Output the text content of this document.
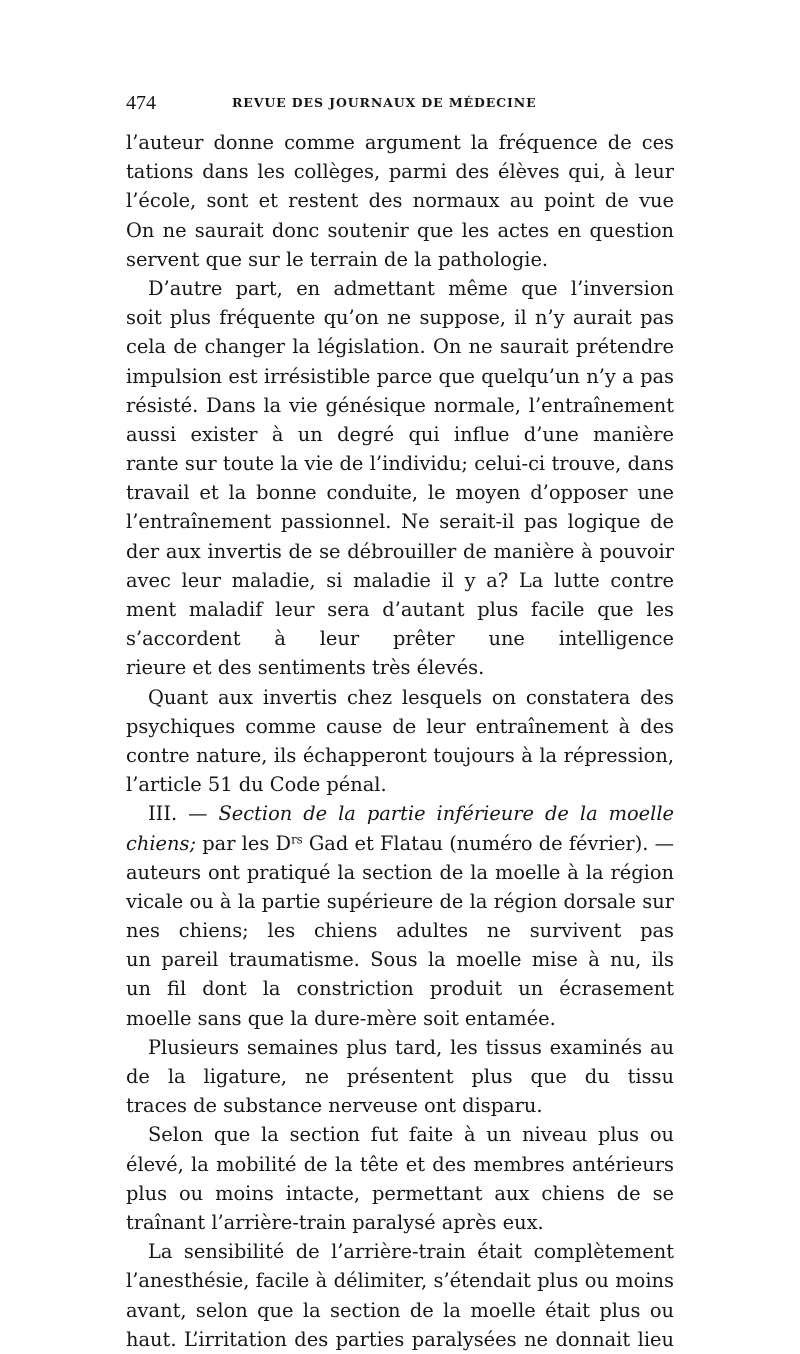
474	REVUE DES JOURNAUX DE MÉDECINE
l’auteur donne comme argument la fréquence de ces
tations dans les collèges, parmi des élèves qui, à leur
l’école, sont et restent des normaux au point de vue
On ne saurait donc soutenir que les actes en question
servent que sur le terrain de la pathologie.
D’autre part, en admettant même que l’inversion
soit plus fréquente qu’on ne suppose, il n’y aurait pas
cela de changer la législation. On ne saurait prétendre
impulsion est irrésistible parce que quelqu’un n’y a pas
résisté. Dans la vie génésique normale, l’entraînement
aussi exister à un degré qui influe d’une manière
rante sur toute la vie de l’individu; celui-ci trouve, dans
travail et la bonne conduite, le moyen d’opposer une
l’entraînement passionnel. Ne serait-il pas logique de
der aux invertis de se débrouiller de manière à pouvoir
avec leur maladie, si maladie il y a? La lutte contre
ment maladif leur sera d’autant plus facile que les
s’accordent à leur prêter une intelligence
rieure et des sentiments très élevés.
Quant aux invertis chez lesquels on constatera des
psychiques comme cause de leur entraînement à des
contre nature, ils échapperont toujours à la répression,
l’article 51 du Code pénal.
III. — Section de la partie inférieure de la moelle
chiens; par les $D^{rs}$ Gad et Flatau (numéro de février). —
auteurs ont pratiqué la section de la moelle à la région
vicale ou à la partie supérieure de la région dorsale sur
nes chiens; les chiens adultes ne survivent pas
un pareil traumatisme. Sous la moelle mise à nu, ils
un fil dont la constriction produit un écrasement
moelle sans que la dure-mère soit entamée.
Plusieurs semaines plus tard, les tissus examinés au
de la ligature, ne présentent plus que du tissu
traces de substance nerveuse ont disparu.
Selon que la section fut faite à un niveau plus ou
élevé, la mobilité de la tête et des membres antérieurs
plus ou moins intacte, permettant aux chiens de se
traînant l’arrière-train paralysé après eux.
La sensibilité de l’arrière-train était complètement
l’anesthésie, facile à délimiter, s’étendait plus ou moins
avant, selon que la section de la moelle était plus ou
haut. L’irritation des parties paralysées ne donnait lieu
